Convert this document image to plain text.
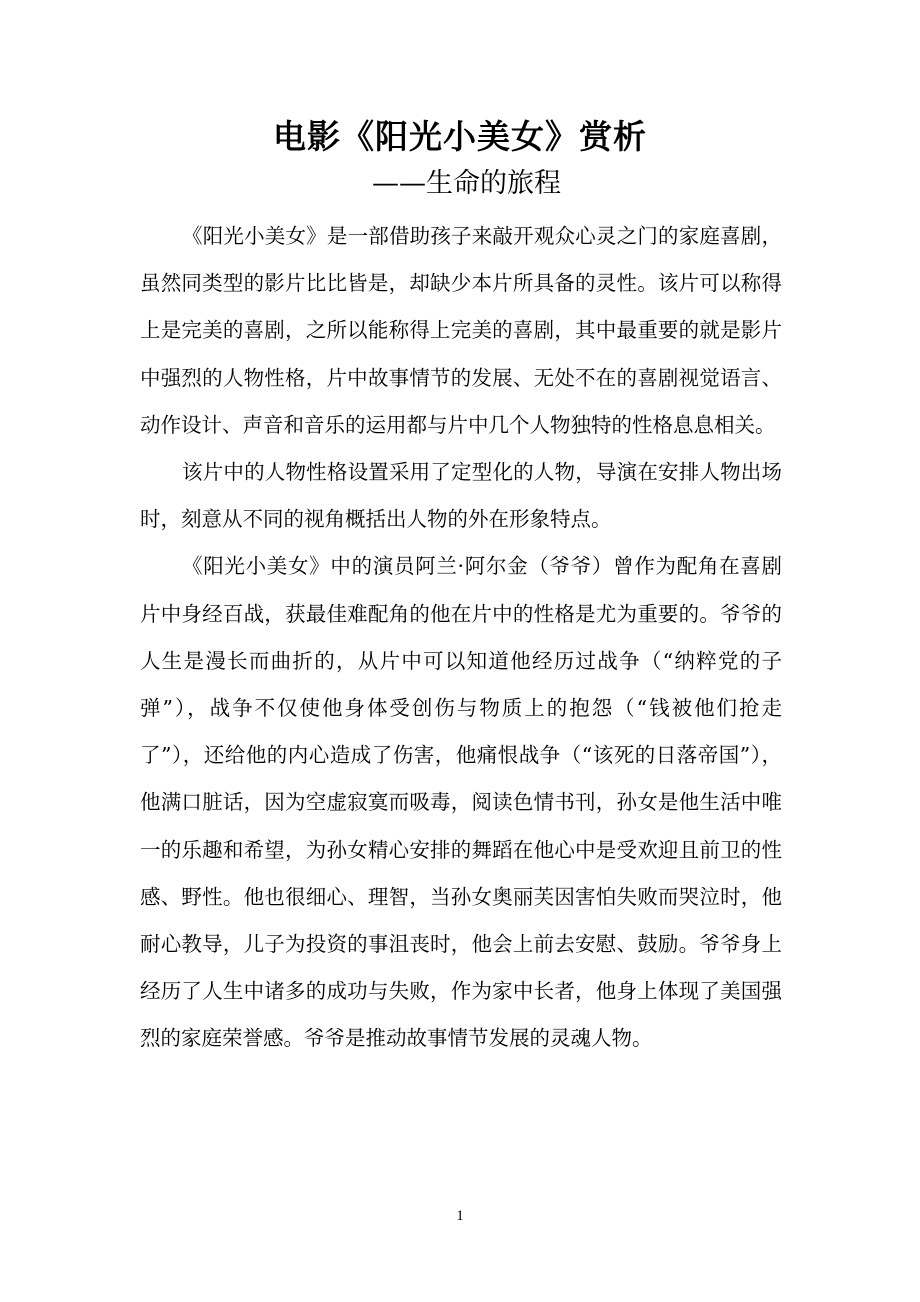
电影《阳光小美女》赏析
——生命的旅程

《阳光小美女》是一部借助孩子来敲开观众心灵之门的家庭喜剧，虽然同类型的影片比比皆是，却缺少本片所具备的灵性。该片可以称得上是完美的喜剧，之所以能称得上完美的喜剧，其中最重要的就是影片中强烈的人物性格，片中故事情节的发展、无处不在的喜剧视觉语言、动作设计、声音和音乐的运用都与片中几个人物独特的性格息息相关。

该片中的人物性格设置采用了定型化的人物，导演在安排人物出场时，刻意从不同的视角概括出人物的外在形象特点。

《阳光小美女》中的演员阿兰·阿尔金（爷爷）曾作为配角在喜剧片中身经百战，获最佳难配角的他在片中的性格是尤为重要的。爷爷的人生是漫长而曲折的，从片中可以知道他经历过战争（“纳粹党的子弹”），战争不仅使他身体受创伤与物质上的抱怨（“钱被他们抢走了”），还给他的内心造成了伤害，他痛恨战争（“该死的日落帝国”），他满口脏话，因为空虚寂寞而吸毒，阅读色情书刊，孙女是他生活中唯一的乐趣和希望，为孙女精心安排的舞蹈在他心中是受欢迎且前卫的性感、野性。他也很细心、理智，当孙女奥丽芙因害怕失败而哭泣时，他耐心教导，儿子为投资的事沮丧时，他会上前去安慰、鼓励。爷爷身上经历了人生中诸多的成功与失败，作为家中长者，他身上体现了美国强烈的家庭荣誉感。爷爷是推动故事情节发展的灵魂人物。

1
